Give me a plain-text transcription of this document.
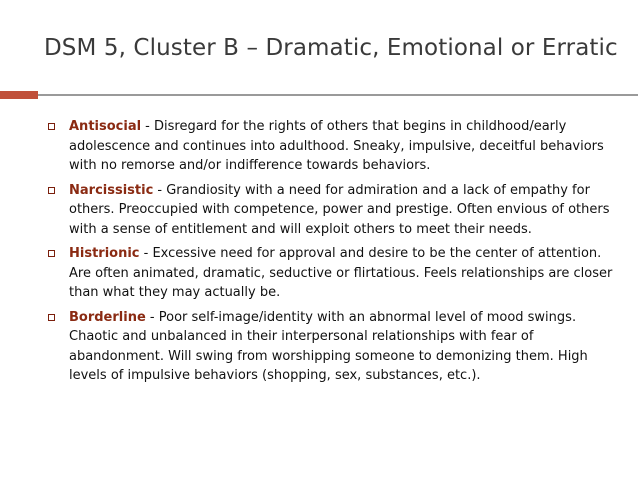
DSM 5, Cluster B – Dramatic, Emotional or Erratic
Antisocial - Disregard for the rights of others that begins in childhood/early adolescence and continues into adulthood. Sneaky, impulsive, deceitful behaviors with no remorse and/or indifference towards behaviors.
Narcissistic - Grandiosity with a need for admiration and a lack of empathy for others. Preoccupied with competence, power and prestige. Often envious of others with a sense of entitlement and will exploit others to meet their needs.
Histrionic - Excessive need for approval and desire to be the center of attention. Are often animated, dramatic, seductive or flirtatious. Feels relationships are closer than what they may actually be.
Borderline - Poor self-image/identity with an abnormal level of mood swings. Chaotic and unbalanced in their interpersonal relationships with fear of abandonment. Will swing from worshipping someone to demonizing them. High levels of impulsive behaviors (shopping, sex, substances, etc.).
